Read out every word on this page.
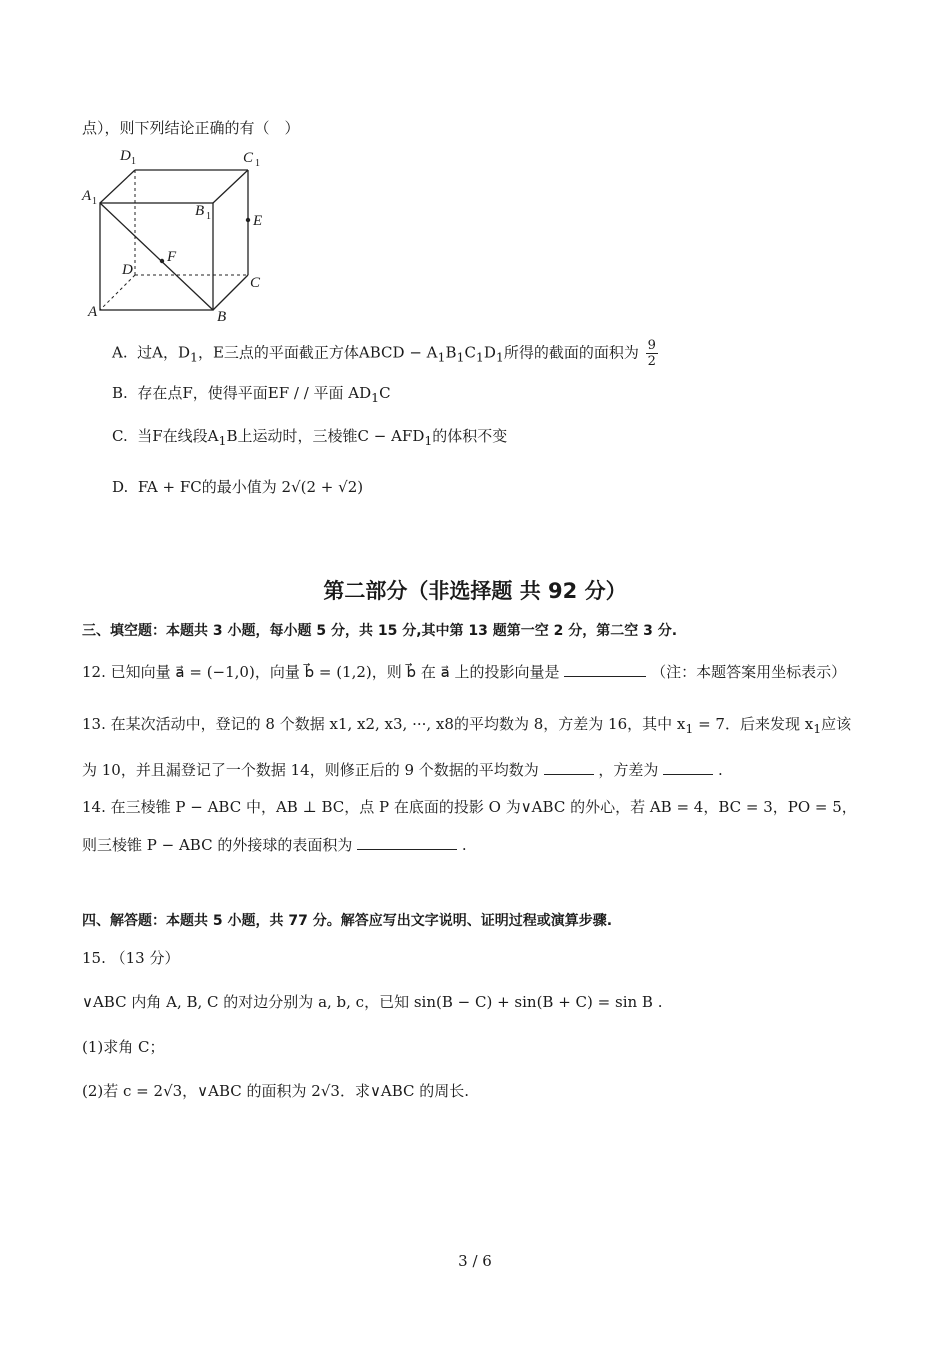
点），则下列结论正确的有（　）
D 1	C 1
A 1
B 1	E
F
D
C
A	B
A. 过A，$D_1$，E三点的平面截正方体ABCD − $A_1B_1C_1D_1$所得的截面的面积为 $\frac{9}{2}$
B. 存在点F，使得平面EF / / 平面 $AD_1C$
C. 当F在线段$A_1B$上运动时，三棱锥$C - AFD_1$的体积不变
D. FA + FC的最小值为 2√(2 + √2)
第二部分（非选择题 共 92 分）
三、填空题：本题共 3 小题，每小题 5 分，共 15 分,其中第 13 题第一空 2 分，第二空 3 分.
12. 已知向量 a⃗ = (−1,0)，向量 b⃗ = (1,2)，则 b⃗ 在 a⃗ 上的投影向量是	（注：本题答案用坐标表示）
13. 在某次活动中，登记的 8 个数据 x1, x2, x3, ···, x8的平均数为 8，方差为 16，其中 $x_1 = 7$．后来发现 $x_1$应该
为 10，并且漏登记了一个数据 14，则修正后的 9 个数据的平均数为	，方差为	.
14. 在三棱锥 P − ABC 中，AB ⊥ BC，点 P 在底面的投影 O 为∨ABC 的外心，若 AB = 4，BC = 3，PO = 5，
则三棱锥 P − ABC 的外接球的表面积为	.
四、解答题：本题共 5 小题，共 77 分。解答应写出文字说明、证明过程或演算步骤.
15. （13 分）
∨ABC 内角 A, B, C 的对边分别为 a, b, c，已知 sin(B − C) + sin(B + C) = sin B .
(1)求角 C；
(2)若 c = 2√3，∨ABC 的面积为 2√3．求∨ABC 的周长.
3 / 6
